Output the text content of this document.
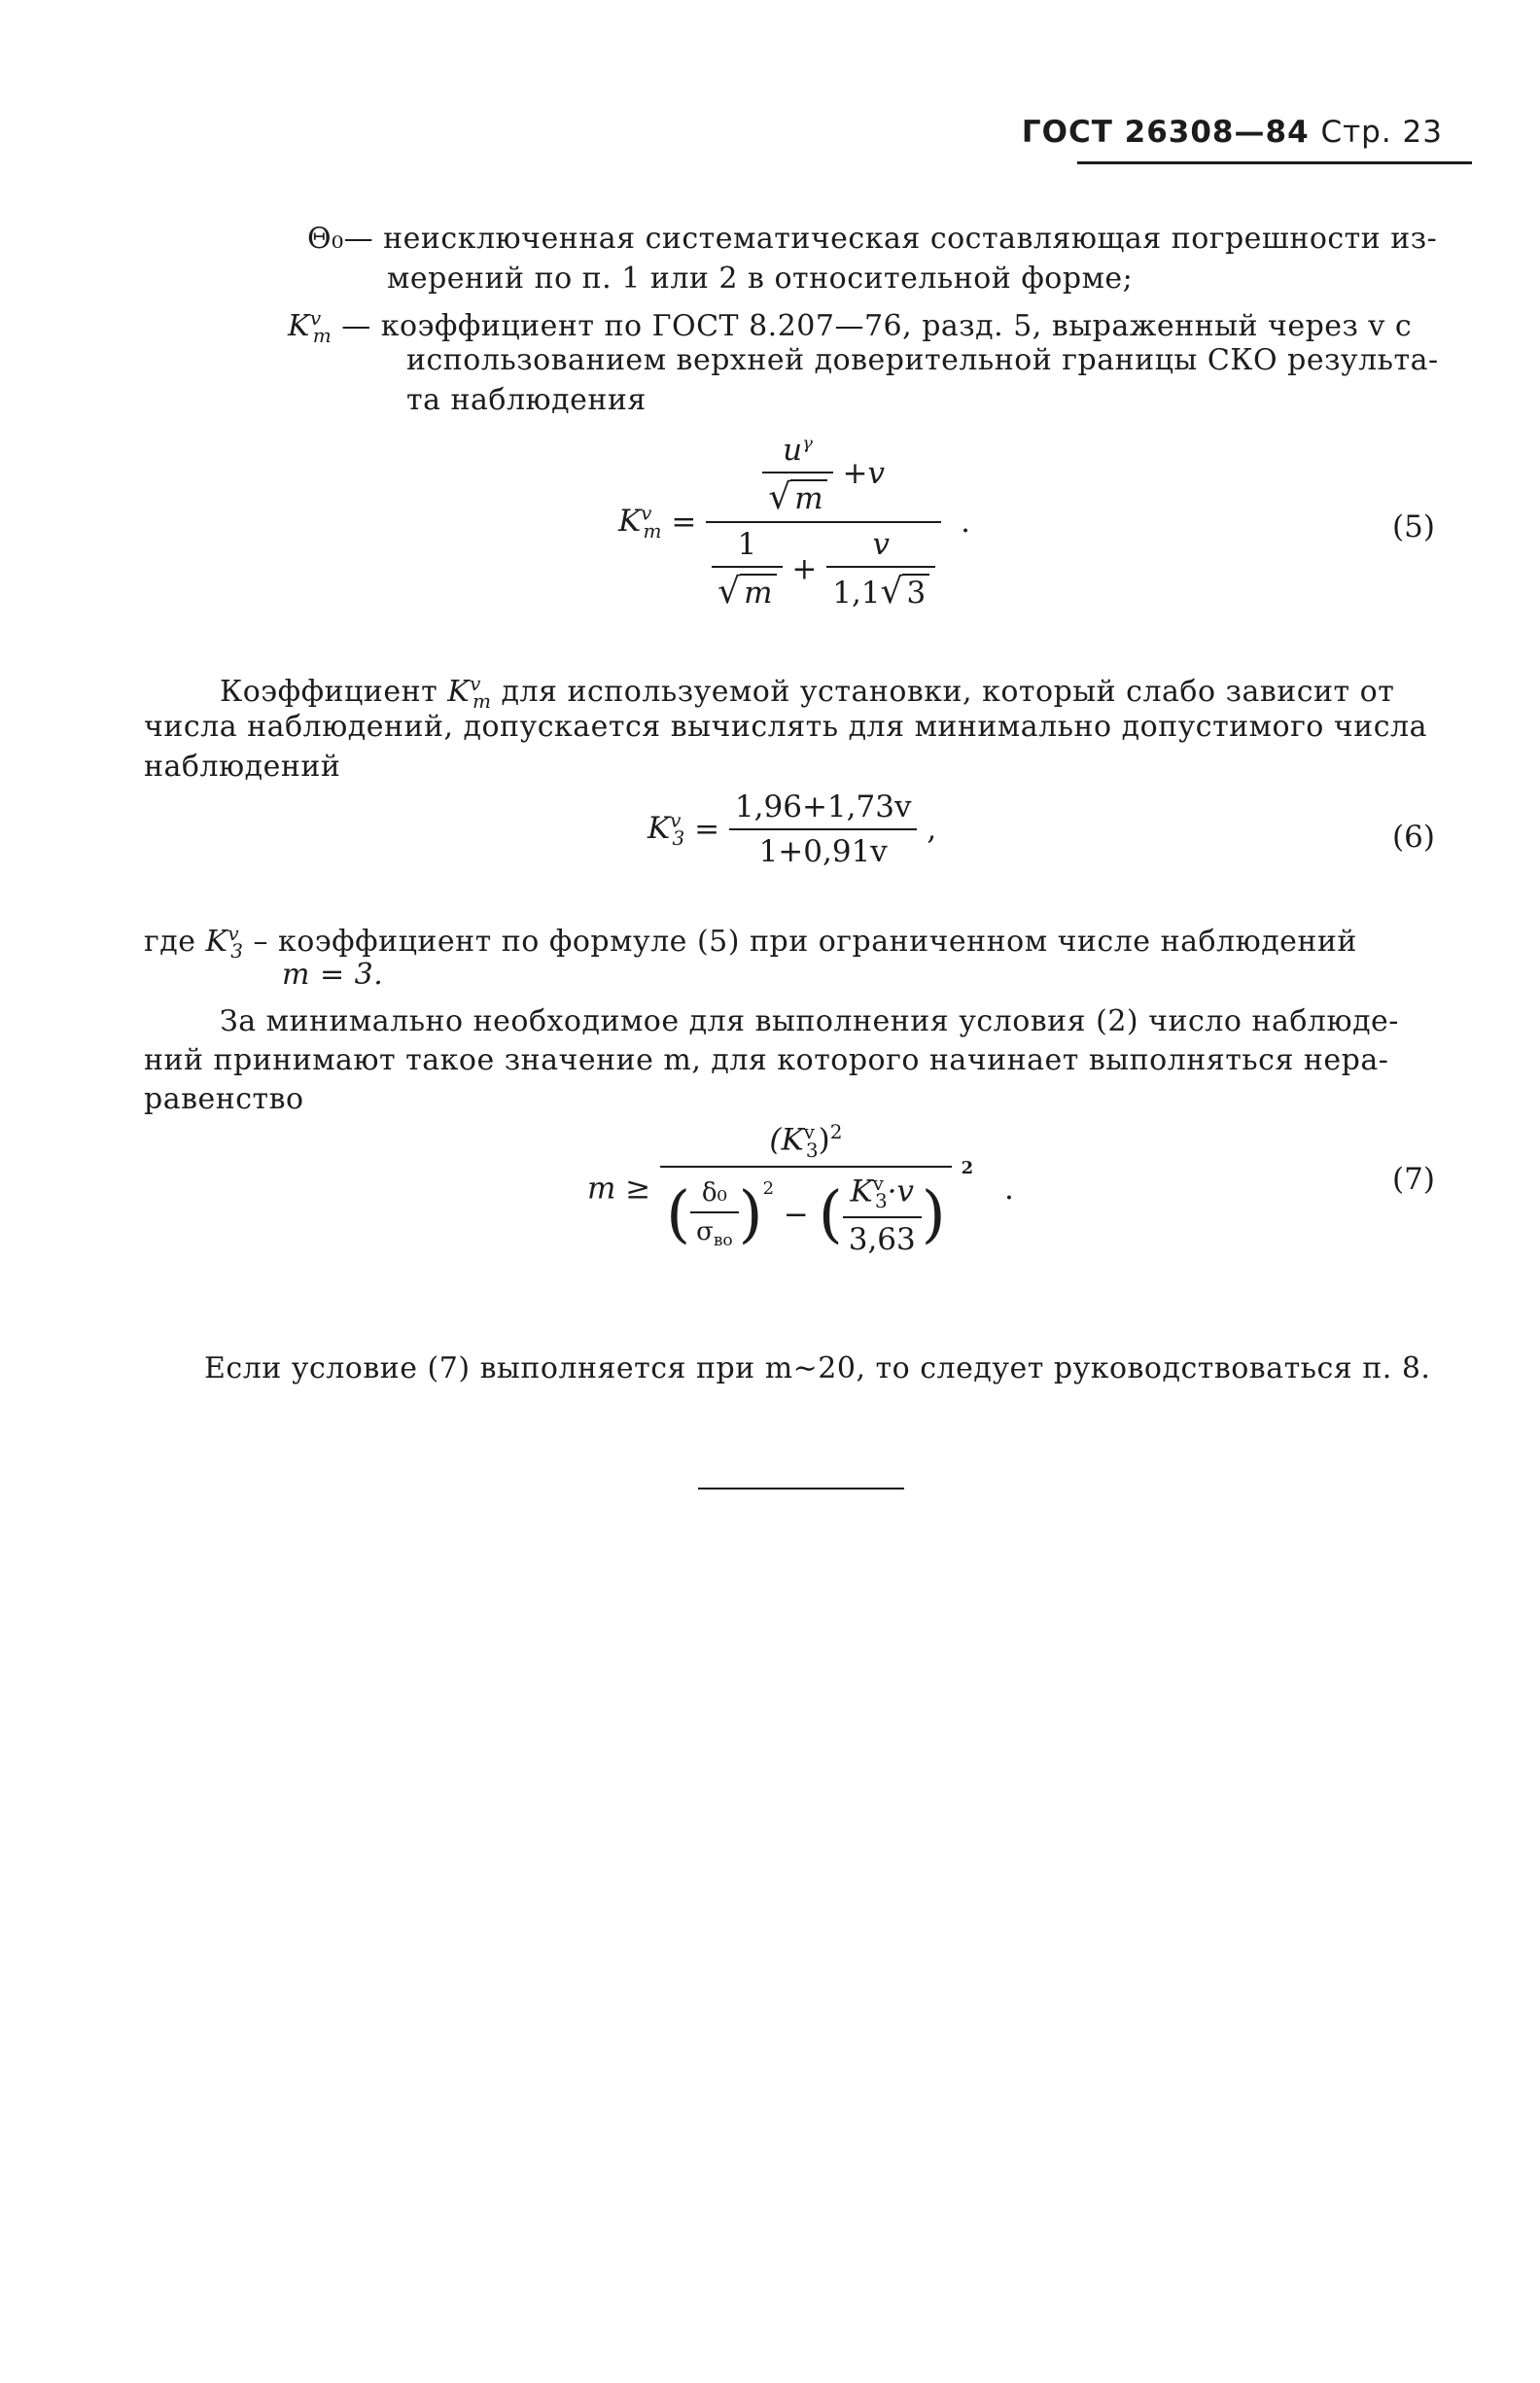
ГОСТ 26308—84 Стр. 23
Θ₀— неисключенная систематическая составляющая погрешности из-
мерений по п. 1 или 2 в относительной форме;
$K^v_m$ — коэффициент по ГОСТ 8.207—76, разд. 5, выраженный через v с
использованием верхней доверительной границы СКО результа-
та наблюдения
$K^v_m$ =
$\frac{u^\gamma}{√ m} +v$
$\frac{1}{√ m} + \frac{v}{1,1√ 3}$
.	(5)
Коэффициент $K^v_m$ для используемой установки, который слабо зависит от
числа наблюдений, допускается вычислять для минимально допустимого числа
наблюдений
$K^v_3 = \frac{1,96+1,73v}{1+0,91v}$ ,	(6)
где $K^v_3$ – коэффициент по формуле (5) при ограниченном числе наблюдений
m = 3.
За минимально необходимое для выполнения условия (2) число наблюде-
ний принимают такое значение m, для которого начинает выполняться нера-
равенство
m ≥
$(K^v_3)^2$
( $\frac{\text{δ₀}}{\sigma_{во}} )^2$ − ( $\frac{K^v_3\cdot v}{3,63}$ )
$^2$ .	(7)
Если условие (7) выполняется при m∼20, то следует руководствоваться п. 8.
